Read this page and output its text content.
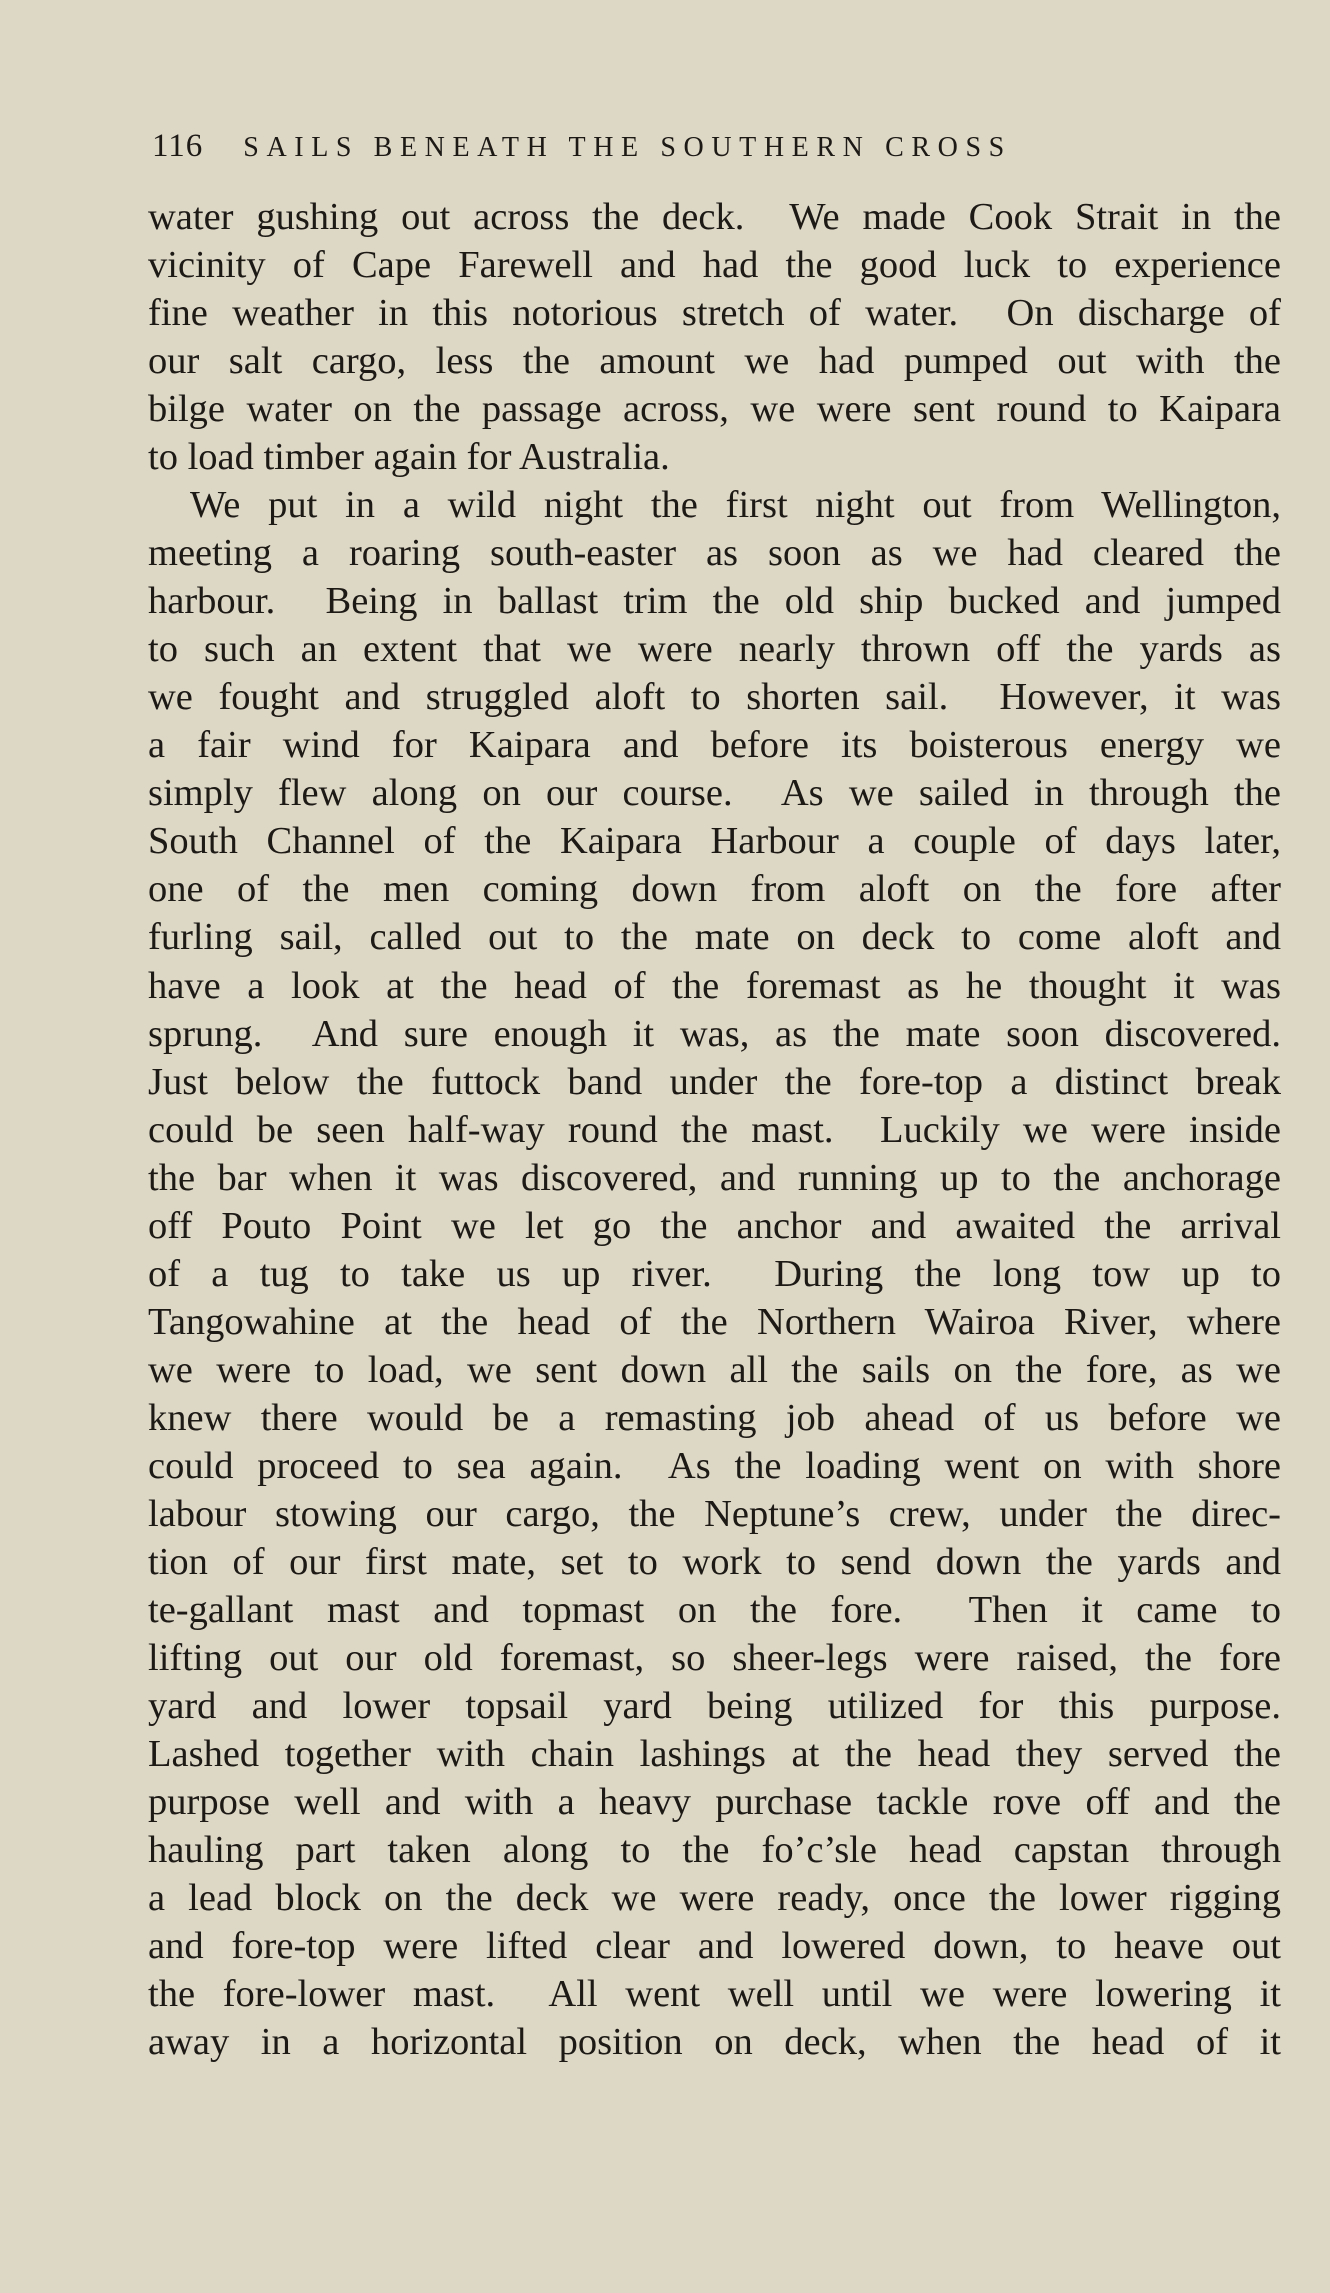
116 SAILS BENEATH THE SOUTHERN CROSS
water gushing out across the deck.  We made Cook Strait in the
vicinity of Cape Farewell and had the good luck to experience
fine weather in this notorious stretch of water.  On discharge of
our salt cargo, less the amount we had pumped out with the
bilge water on the passage across, we were sent round to Kaipara
to load timber again for Australia.
We put in a wild night the first night out from Wellington,
meeting a roaring south-easter as soon as we had cleared the
harbour.  Being in ballast trim the old ship bucked and jumped
to such an extent that we were nearly thrown off the yards as
we fought and struggled aloft to shorten sail.  However, it was
a fair wind for Kaipara and before its boisterous energy we
simply flew along on our course.  As we sailed in through the
South Channel of the Kaipara Harbour a couple of days later,
one of the men coming down from aloft on the fore after
furling sail, called out to the mate on deck to come aloft and
have a look at the head of the foremast as he thought it was
sprung.  And sure enough it was, as the mate soon discovered.
Just below the futtock band under the fore-top a distinct break
could be seen half-way round the mast.  Luckily we were inside
the bar when it was discovered, and running up to the anchorage
off Pouto Point we let go the anchor and awaited the arrival
of a tug to take us up river.  During the long tow up to
Tangowahine at the head of the Northern Wairoa River, where
we were to load, we sent down all the sails on the fore, as we
knew there would be a remasting job ahead of us before we
could proceed to sea again.  As the loading went on with shore
labour stowing our cargo, the Neptune’s crew, under the direc-
tion of our first mate, set to work to send down the yards and
te-gallant mast and topmast on the fore.  Then it came to
lifting out our old foremast, so sheer-legs were raised, the fore
yard and lower topsail yard being utilized for this purpose.
Lashed together with chain lashings at the head they served the
purpose well and with a heavy purchase tackle rove off and the
hauling part taken along to the fo’c’sle head capstan through
a lead block on the deck we were ready, once the lower rigging
and fore-top were lifted clear and lowered down, to heave out
the fore-lower mast.  All went well until we were lowering it
away in a horizontal position on deck, when the head of it
